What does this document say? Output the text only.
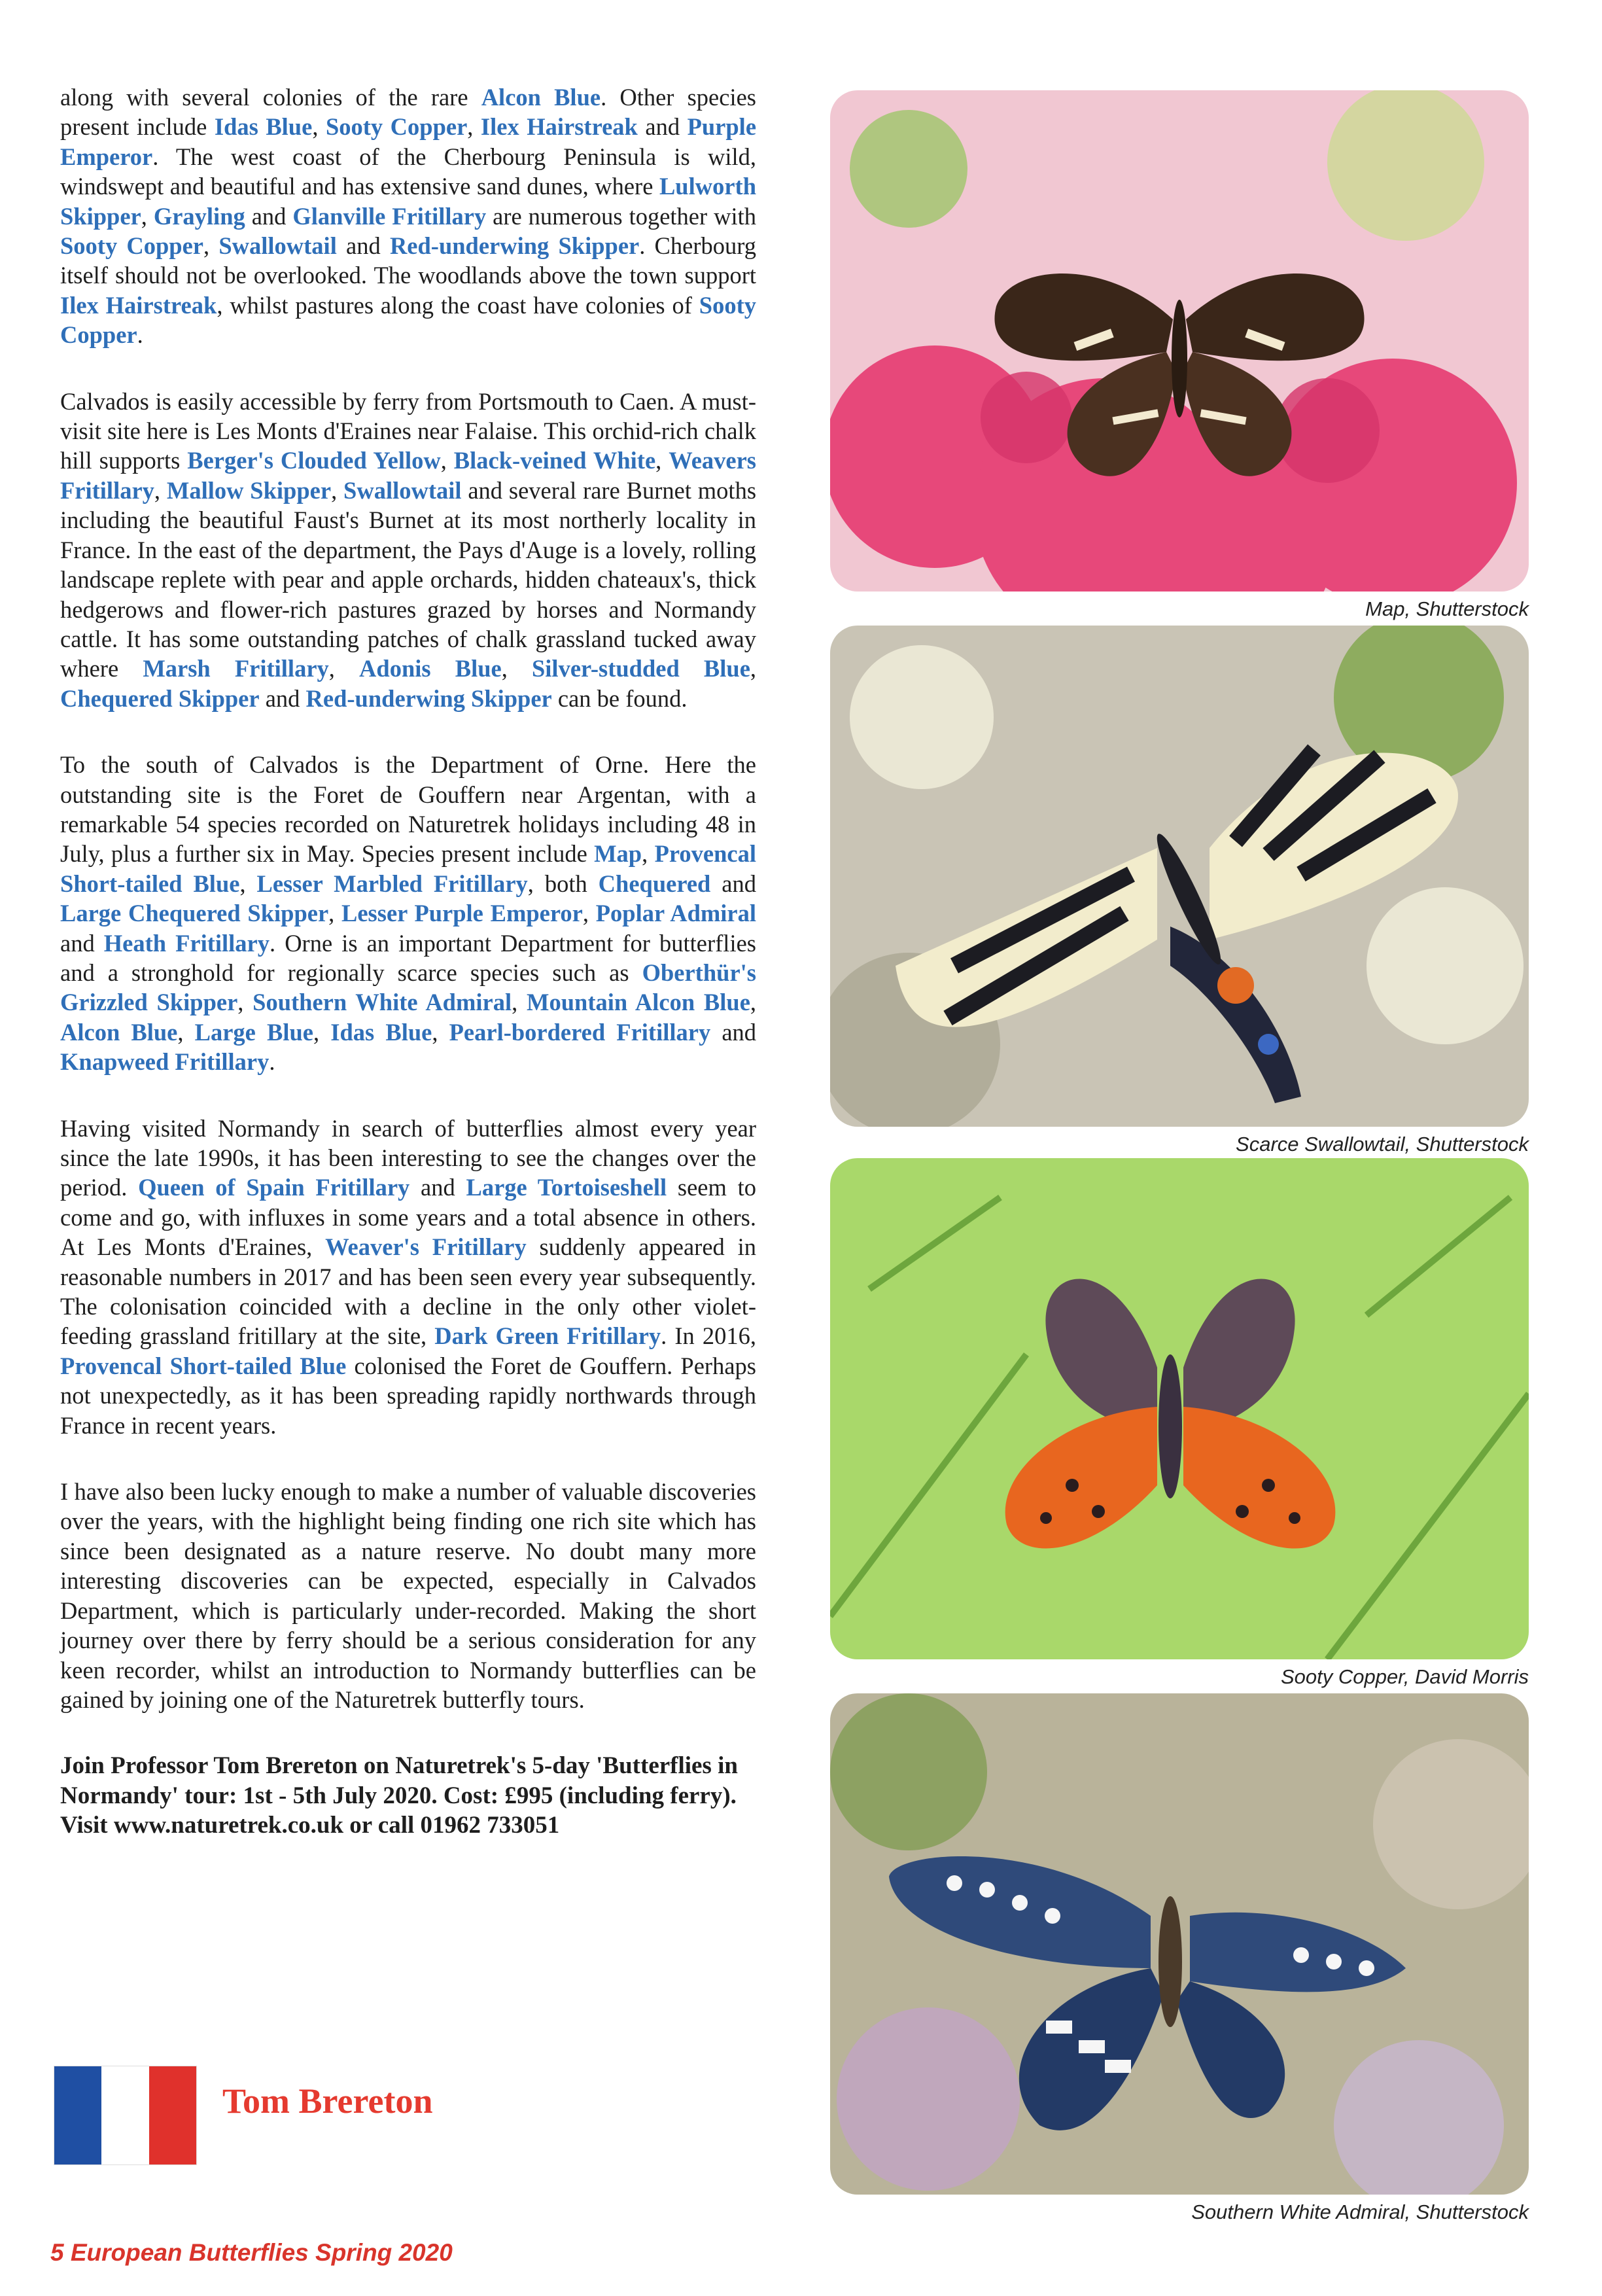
along with several colonies of the rare Alcon Blue. Other species present include Idas Blue, Sooty Copper, Ilex Hairstreak and Purple Emperor. The west coast of the Cherbourg Peninsula is wild, windswept and beautiful and has extensive sand dunes, where Lulworth Skipper, Grayling and Glanville Fritillary are numerous together with Sooty Copper, Swallowtail and Red-underwing Skipper. Cherbourg itself should not be overlooked. The woodlands above the town support Ilex Hairstreak, whilst pastures along the coast have colonies of Sooty Copper.

Calvados is easily accessible by ferry from Portsmouth to Caen. A must-visit site here is Les Monts d'Eraines near Falaise. This orchid-rich chalk hill supports Berger's Clouded Yellow, Black-veined White, Weavers Fritillary, Mallow Skipper, Swallowtail and several rare Burnet moths including the beautiful Faust's Burnet at its most northerly locality in France. In the east of the department, the Pays d'Auge is a lovely, rolling landscape replete with pear and apple orchards, hidden chateaux's, thick hedgerows and flower-rich pastures grazed by horses and Normandy cattle. It has some outstanding patches of chalk grassland tucked away where Marsh Fritillary, Adonis Blue, Silver-studded Blue, Chequered Skipper and Red-underwing Skipper can be found.

To the south of Calvados is the Department of Orne. Here the outstanding site is the Foret de Gouffern near Argentan, with a remarkable 54 species recorded on Naturetrek holidays including 48 in July, plus a further six in May. Species present include Map, Provencal Short-tailed Blue, Lesser Marbled Fritillary, both Chequered and Large Chequered Skipper, Lesser Purple Emperor, Poplar Admiral and Heath Fritillary. Orne is an important Department for butterflies and a stronghold for regionally scarce species such as Oberthür's Grizzled Skipper, Southern White Admiral, Mountain Alcon Blue, Alcon Blue, Large Blue, Idas Blue, Pearl-bordered Fritillary and Knapweed Fritillary.

Having visited Normandy in search of butterflies almost every year since the late 1990s, it has been interesting to see the changes over the period. Queen of Spain Fritillary and Large Tortoiseshell seem to come and go, with influxes in some years and a total absence in others. At Les Monts d'Eraines, Weaver's Fritillary suddenly appeared in reasonable numbers in 2017 and has been seen every year subsequently. The colonisation coincided with a decline in the only other violet-feeding grassland fritillary at the site, Dark Green Fritillary. In 2016, Provencal Short-tailed Blue colonised the Foret de Gouffern. Perhaps not unexpectedly, as it has been spreading rapidly northwards through France in recent years.

I have also been lucky enough to make a number of valuable discoveries over the years, with the highlight being finding one rich site which has since been designated as a nature reserve. No doubt many more interesting discoveries can be expected, especially in Calvados Department, which is particularly under-recorded. Making the short journey over there by ferry should be a serious consideration for any keen recorder, whilst an introduction to Normandy butterflies can be gained by joining one of the Naturetrek butterfly tours.

Join Professor Tom Brereton on Naturetrek's 5-day 'Butterflies in Normandy' tour: 1st - 5th July 2020. Cost: £995 (including ferry). Visit www.naturetrek.co.uk or call 01962 733051

Tom Brereton
5 European Butterflies Spring 2020
Map, Shutterstock
Scarce Swallowtail, Shutterstock
Sooty Copper, David Morris
Southern White Admiral, Shutterstock
